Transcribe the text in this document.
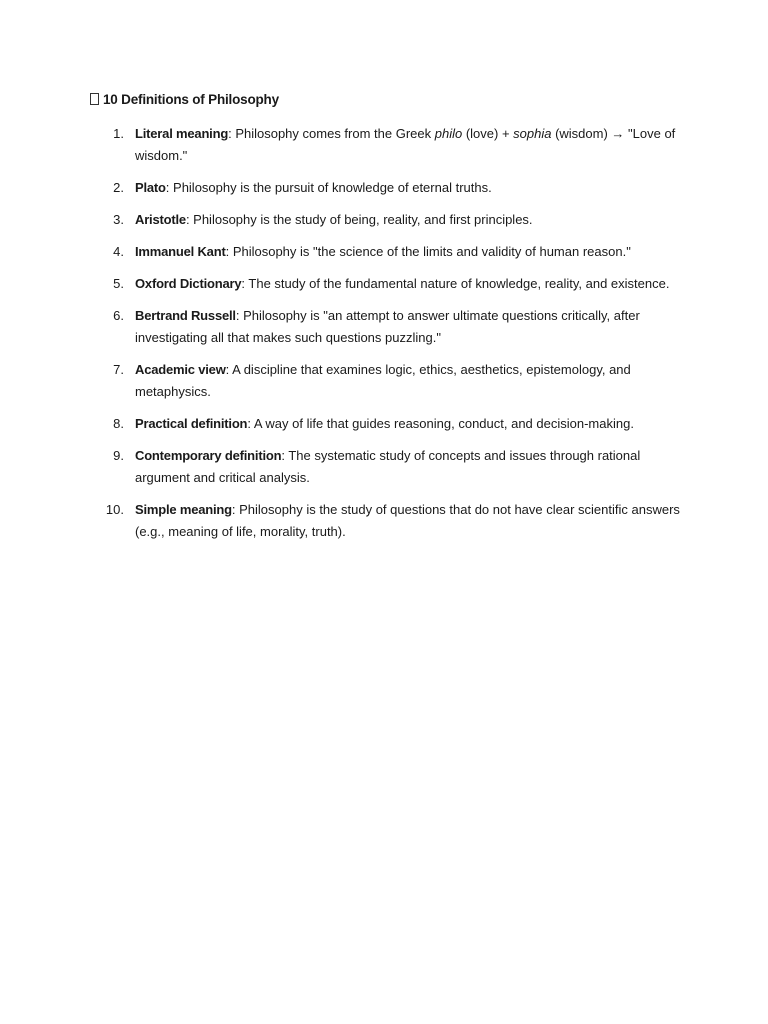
10 Definitions of Philosophy
1. Literal meaning: Philosophy comes from the Greek philo (love) + sophia (wisdom) → "Love of wisdom."
2. Plato: Philosophy is the pursuit of knowledge of eternal truths.
3. Aristotle: Philosophy is the study of being, reality, and first principles.
4. Immanuel Kant: Philosophy is "the science of the limits and validity of human reason."
5. Oxford Dictionary: The study of the fundamental nature of knowledge, reality, and existence.
6. Bertrand Russell: Philosophy is "an attempt to answer ultimate questions critically, after investigating all that makes such questions puzzling."
7. Academic view: A discipline that examines logic, ethics, aesthetics, epistemology, and metaphysics.
8. Practical definition: A way of life that guides reasoning, conduct, and decision-making.
9. Contemporary definition: The systematic study of concepts and issues through rational argument and critical analysis.
10. Simple meaning: Philosophy is the study of questions that do not have clear scientific answers (e.g., meaning of life, morality, truth).
